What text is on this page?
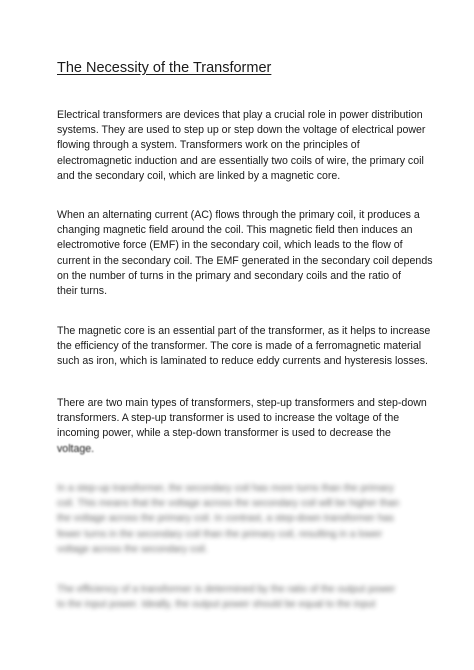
The Necessity of the Transformer

Electrical transformers are devices that play a crucial role in power distribution
systems. They are used to step up or step down the voltage of electrical power
flowing through a system. Transformers work on the principles of
electromagnetic induction and are essentially two coils of wire, the primary coil
and the secondary coil, which are linked by a magnetic core.

When an alternating current (AC) flows through the primary coil, it produces a
changing magnetic field around the coil. This magnetic field then induces an
electromotive force (EMF) in the secondary coil, which leads to the flow of
current in the secondary coil. The EMF generated in the secondary coil depends
on the number of turns in the primary and secondary coils and the ratio of
their turns.

The magnetic core is an essential part of the transformer, as it helps to increase
the efficiency of the transformer. The core is made of a ferromagnetic material
such as iron, which is laminated to reduce eddy currents and hysteresis losses.

There are two main types of transformers, step-up transformers and step-down
transformers. A step-up transformer is used to increase the voltage of the
incoming power, while a step-down transformer is used to decrease the
voltage.

In a step-up transformer, the secondary coil has more turns than the primary
coil. This means that the voltage across the secondary coil will be higher than
the voltage across the primary coil. In contrast, a step-down transformer has
fewer turns in the secondary coil than the primary coil, resulting in a lower
voltage across the secondary coil.

The efficiency of a transformer is determined by the ratio of the output power
to the input power. Ideally, the output power should be equal to the input
